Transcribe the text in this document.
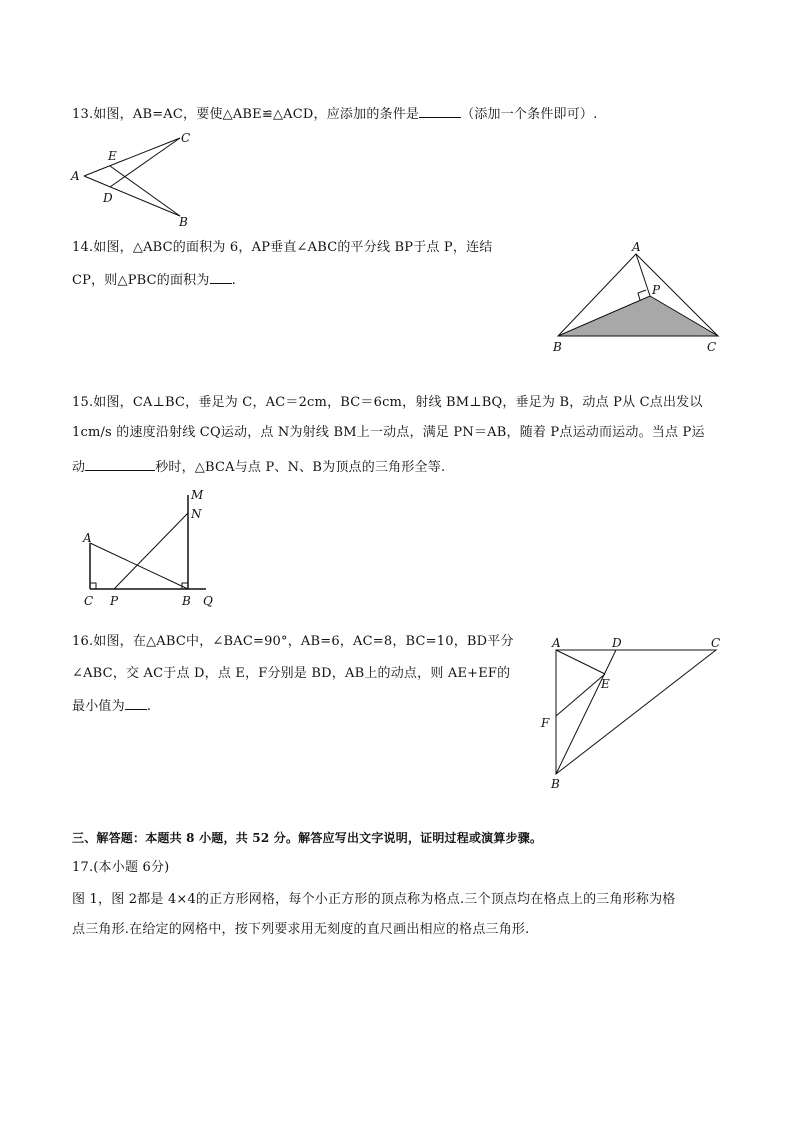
13.如图，AB=AC，要使△ABE≌△ACD，应添加的条件是	（添加一个条件即可）.
A
C
B
E
D
14.如图，△ABC的面积为 6，AP垂直∠ABC的平分线 BP于点 P，连结
CP，则△PBC的面积为 .
A
P
B	C
15.如图，CA⊥BC，垂足为 C，AC＝2cm，BC＝6cm，射线 BM⊥BQ，垂足为 B，动点 P从 C点出发以
1cm/s 的速度沿射线 CQ运动，点 N为射线 BM上一动点，满足 PN＝AB，随着 P点运动而运动。当点 P运
动	秒时，△BCA与点 P、N、B为顶点的三角形全等.
A
C P	B Q
M
N
16.如图，在△ABC中，∠BAC=90°，AB=6，AC=8，BC=10，BD平分
∠ABC，交 AC于点 D，点 E，F分别是 BD，AB上的动点，则 AE+EF的
最小值为 .
A	D	C
E
F
B
三、解答题：本题共 8 小题，共 52 分。解答应写出文字说明，证明过程或演算步骤。
17.(本小题 6分)
图 1，图 2都是 4×4的正方形网格，每个小正方形的顶点称为格点.三个顶点均在格点上的三角形称为格
点三角形.在给定的网格中，按下列要求用无刻度的直尺画出相应的格点三角形.
